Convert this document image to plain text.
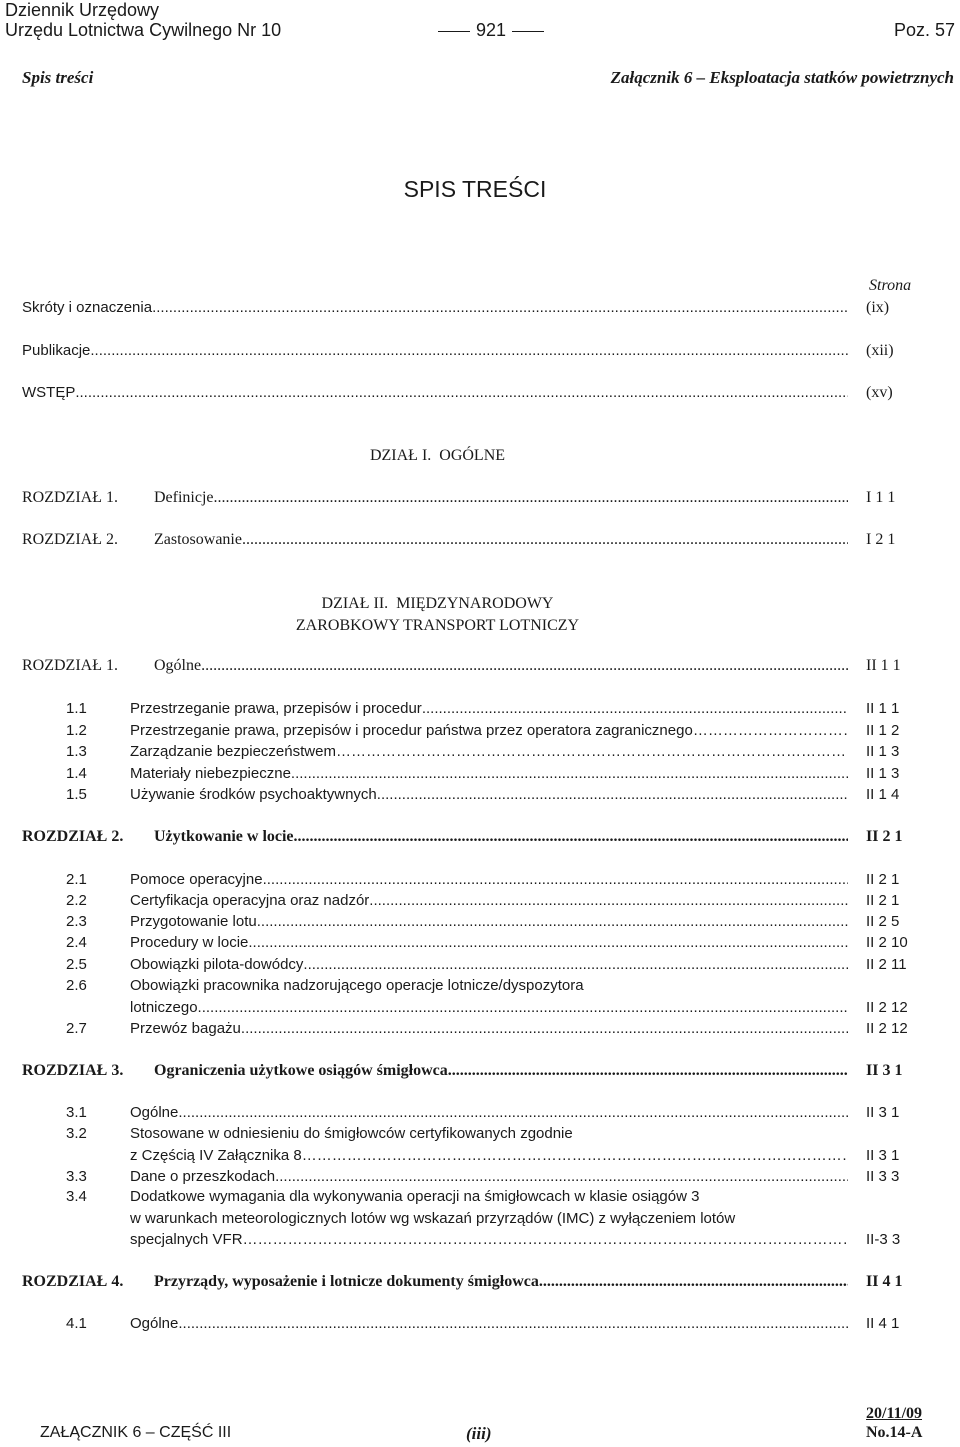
Dziennik Urzędowy
Urzędu Lotnictwa Cywilnego Nr 10	921	Poz. 57
Spis treści	Załącznik 6 – Eksploatacja statków powietrznych
SPIS TREŚCI
Strona
Skróty i oznaczenia .....	(ix)
Publikacje .....	(xii)
WSTĘP .....	(xv)
DZIAŁ I.  OGÓLNE
ROZDZIAŁ 1.	Definicje .....	I 1 1
ROZDZIAŁ 2.	Zastosowanie .....	I 2 1
DZIAŁ II.  MIĘDZYNARODOWY
ZAROBKOWY TRANSPORT LOTNICZY
ROZDZIAŁ 1.	Ogólne .....	II 1 1
1.1	Przestrzeganie prawa, przepisów i procedur .....	II 1 1
1.2	Przestrzeganie prawa, przepisów i procedur państwa przez operatora zagranicznego ……………………………………………………………………………………………………………………………………………………	II 1 2
1.3	Zarządzanie bezpieczeństwem ……………………………………………………………………………………………………………………………………………………	II 1 3
1.4	Materiały niebezpieczne .....	II 1 3
1.5	Używanie środków psychoaktywnych .....	II 1 4
ROZDZIAŁ 2.	Użytkowanie w locie .....	II 2 1
2.1	Pomoce operacyjne .....	II 2 1
2.2	Certyfikacja operacyjna oraz nadzór .....	II 2 1
2.3	Przygotowanie lotu .....	II 2 5
2.4	Procedury w locie .....	II 2 10
2.5	Obowiązki pilota-dowódcy .....	II 2 11
2.6	Obowiązki pracownika nadzorującego operacje lotnicze/dyspozytora
lotniczego .....	II 2 12
2.7	Przewóz bagażu .....	II 2 12
ROZDZIAŁ 3.	Ograniczenia użytkowe osiągów śmigłowca .....	II 3 1
3.1	Ogólne .....	II 3 1
3.2	Stosowane w odniesieniu do śmigłowców certyfikowanych zgodnie
z Częścią IV Załącznika 8 ……………………………………………………………………………………………………………………………………………………	II 3 1
3.3	Dane o przeszkodach .....	II 3 3
3.4	Dodatkowe wymagania dla wykonywania operacji na śmigłowcach w klasie osiągów 3
w warunkach meteorologicznych lotów wg wskazań przyrządów (IMC) z wyłączeniem lotów
specjalnych VFR ……………………………………………………………………………………………………………………………………………………	II-3 3
ROZDZIAŁ 4.	Przyrządy, wyposażenie i lotnicze dokumenty śmigłowca .....	II 4 1
4.1	Ogólne .....	II 4 1
ZAŁĄCZNIK 6 – CZĘŚĆ III	(iii)
20/11/09
No.14-A
